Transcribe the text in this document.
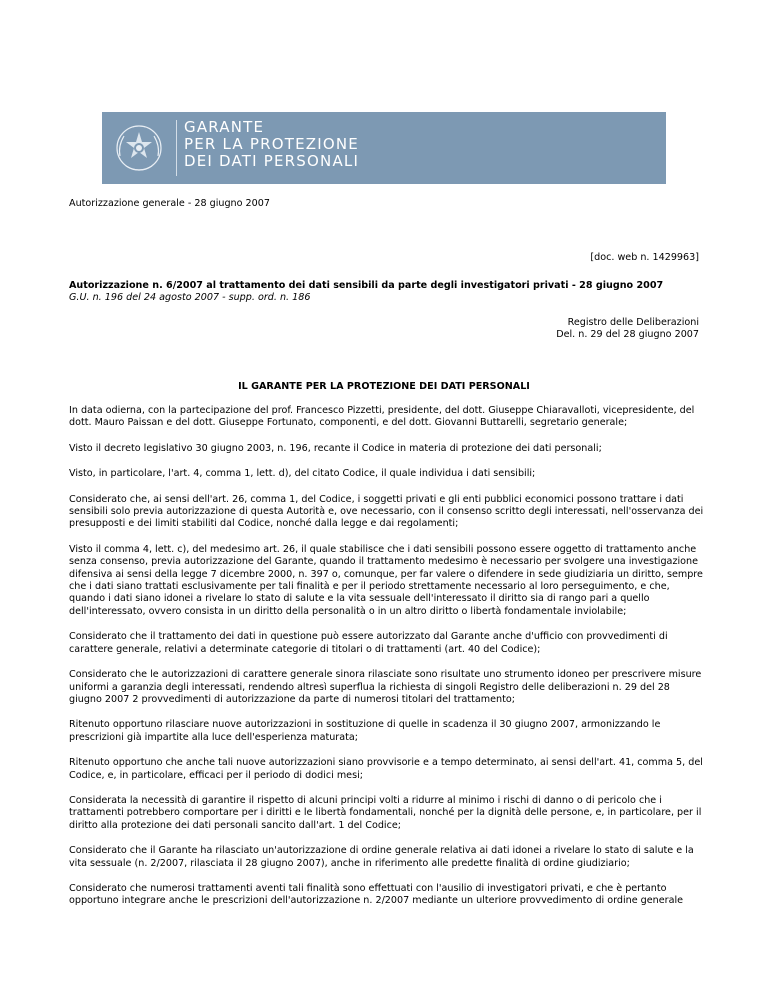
GARANTE
PER LA PROTEZIONE
DEI DATI PERSONALI
Autorizzazione generale - 28 giugno 2007
[doc. web n. 1429963]
Autorizzazione n. 6/2007 al trattamento dei dati sensibili da parte degli investigatori privati - 28 giugno 2007
G.U. n. 196 del 24 agosto 2007 - supp. ord. n. 186
Registro delle Deliberazioni
Del. n. 29 del 28 giugno 2007
IL GARANTE PER LA PROTEZIONE DEI DATI PERSONALI

In data odierna, con la partecipazione del prof. Francesco Pizzetti, presidente, del dott. Giuseppe Chiaravalloti, vicepresidente, del dott. Mauro Paissan e del dott. Giuseppe Fortunato, componenti, e del dott. Giovanni Buttarelli, segretario generale;

Visto il decreto legislativo 30 giugno 2003, n. 196, recante il Codice in materia di protezione dei dati personali;

Visto, in particolare, l'art. 4, comma 1, lett. d), del citato Codice, il quale individua i dati sensibili;

Considerato che, ai sensi dell'art. 26, comma 1, del Codice, i soggetti privati e gli enti pubblici economici possono trattare i dati sensibili solo previa autorizzazione di questa Autorità e, ove necessario, con il consenso scritto degli interessati, nell'osservanza dei presupposti e dei limiti stabiliti dal Codice, nonché dalla legge e dai regolamenti;

Visto il comma 4, lett. c), del medesimo art. 26, il quale stabilisce che i dati sensibili possono essere oggetto di trattamento anche senza consenso, previa autorizzazione del Garante, quando il trattamento medesimo è necessario per svolgere una investigazione difensiva ai sensi della legge 7 dicembre 2000, n. 397 o, comunque, per far valere o difendere in sede giudiziaria un diritto, sempre che i dati siano trattati esclusivamente per tali finalità e per il periodo strettamente necessario al loro perseguimento, e che, quando i dati siano idonei a rivelare lo stato di salute e la vita sessuale dell'interessato il diritto sia di rango pari a quello dell'interessato, ovvero consista in un diritto della personalità o in un altro diritto o libertà fondamentale inviolabile;

Considerato che il trattamento dei dati in questione può essere autorizzato dal Garante anche d'ufficio con provvedimenti di carattere generale, relativi a determinate categorie di titolari o di trattamenti (art. 40 del Codice);

Considerato che le autorizzazioni di carattere generale sinora rilasciate sono risultate uno strumento idoneo per prescrivere misure uniformi a garanzia degli interessati, rendendo altresì superflua la richiesta di singoli Registro delle deliberazioni n. 29 del 28 giugno 2007 2 provvedimenti di autorizzazione da parte di numerosi titolari del trattamento;

Ritenuto opportuno rilasciare nuove autorizzazioni in sostituzione di quelle in scadenza il 30 giugno 2007, armonizzando le prescrizioni già impartite alla luce dell'esperienza maturata;

Ritenuto opportuno che anche tali nuove autorizzazioni siano provvisorie e a tempo determinato, ai sensi dell'art. 41, comma 5, del Codice, e, in particolare, efficaci per il periodo di dodici mesi;

Considerata la necessità di garantire il rispetto di alcuni principi volti a ridurre al minimo i rischi di danno o di pericolo che i trattamenti potrebbero comportare per i diritti e le libertà fondamentali, nonché per la dignità delle persone, e, in particolare, per il diritto alla protezione dei dati personali sancito dall'art. 1 del Codice;

Considerato che il Garante ha rilasciato un'autorizzazione di ordine generale relativa ai dati idonei a rivelare lo stato di salute e la vita sessuale (n. 2/2007, rilasciata il 28 giugno 2007), anche in riferimento alle predette finalità di ordine giudiziario;

Considerato che numerosi trattamenti aventi tali finalità sono effettuati con l'ausilio di investigatori privati, e che è pertanto opportuno integrare anche le prescrizioni dell'autorizzazione n. 2/2007 mediante un ulteriore provvedimento di ordine generale
